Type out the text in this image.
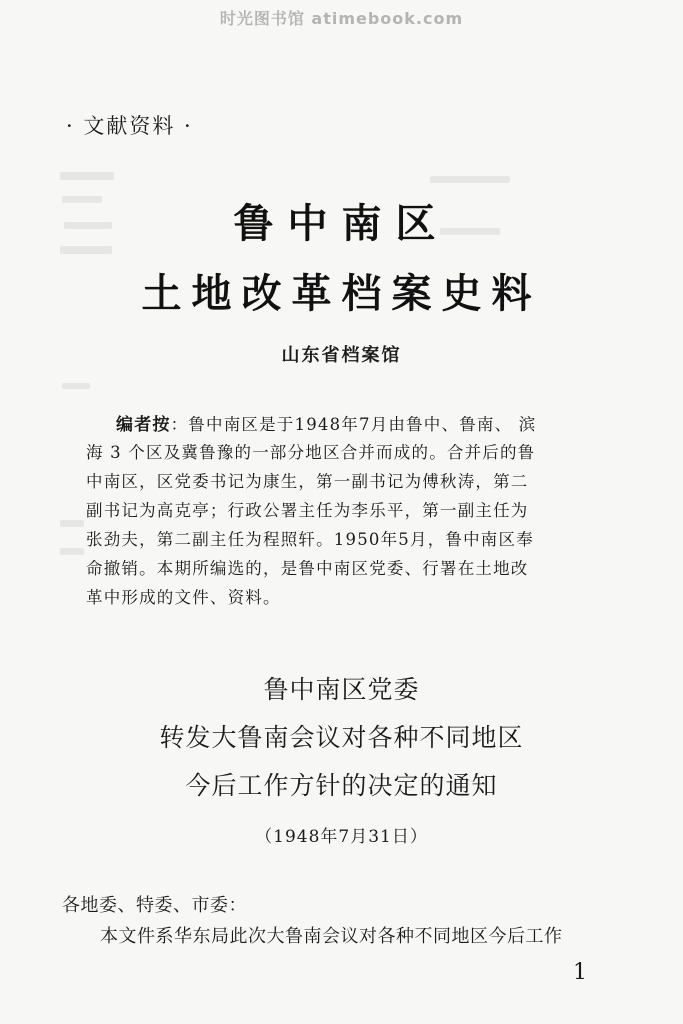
时光图书馆 atimebook.com
· 文献资料 ·
鲁中南区
土地改革档案史料
山东省档案馆
编者按：鲁中南区是于1948年7月由鲁中、鲁南、 滨
海 3 个区及冀鲁豫的一部分地区合并而成的。合并后的鲁
中南区，区党委书记为康生，第一副书记为傅秋涛，第二
副书记为高克亭；行政公署主任为李乐平，第一副主任为
张劲夫，第二副主任为程照轩。1950年5月，鲁中南区奉
命撤销。本期所编选的，是鲁中南区党委、行署在土地改
革中形成的文件、资料。
鲁中南区党委
转发大鲁南会议对各种不同地区
今后工作方针的决定的通知
（1948年7月31日）
各地委、特委、市委：
本文件系华东局此次大鲁南会议对各种不同地区今后工作
1
